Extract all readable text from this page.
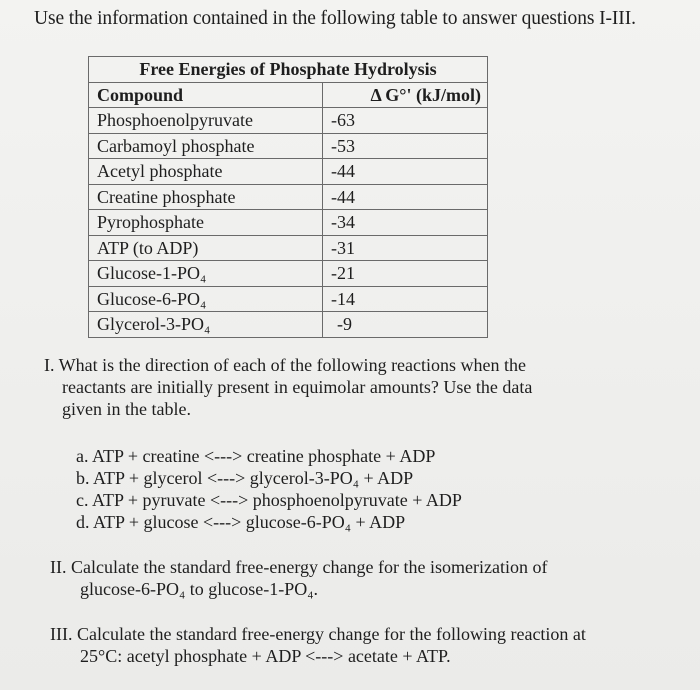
Use the information contained in the following table to answer questions I-III.
Free Energies of Phosphate Hydrolysis	
Compound	Δ G°' (kJ/mol)
Phosphoenolpyruvate	-63
Carbamoyl phosphate	-53
Acetyl phosphate	-44
Creatine phosphate	-44
Pyrophosphate	-34
ATP (to ADP)	-31
Glucose-1-PO₄	-21
Glucose-6-PO₄	-14
Glycerol-3-PO₄	-9
I. What is the direction of each of the following reactions when the
reactants are initially present in equimolar amounts? Use the data
given in the table.
a. ATP + creatine <---> creatine phosphate + ADP
b. ATP + glycerol <---> glycerol-3-PO₄ + ADP
c. ATP + pyruvate <---> phosphoenolpyruvate + ADP
d. ATP + glucose <---> glucose-6-PO₄ + ADP
II. Calculate the standard free-energy change for the isomerization of
glucose-6-PO₄ to glucose-1-PO₄.
III. Calculate the standard free-energy change for the following reaction at
25°C: acetyl phosphate + ADP <---> acetate + ATP.
